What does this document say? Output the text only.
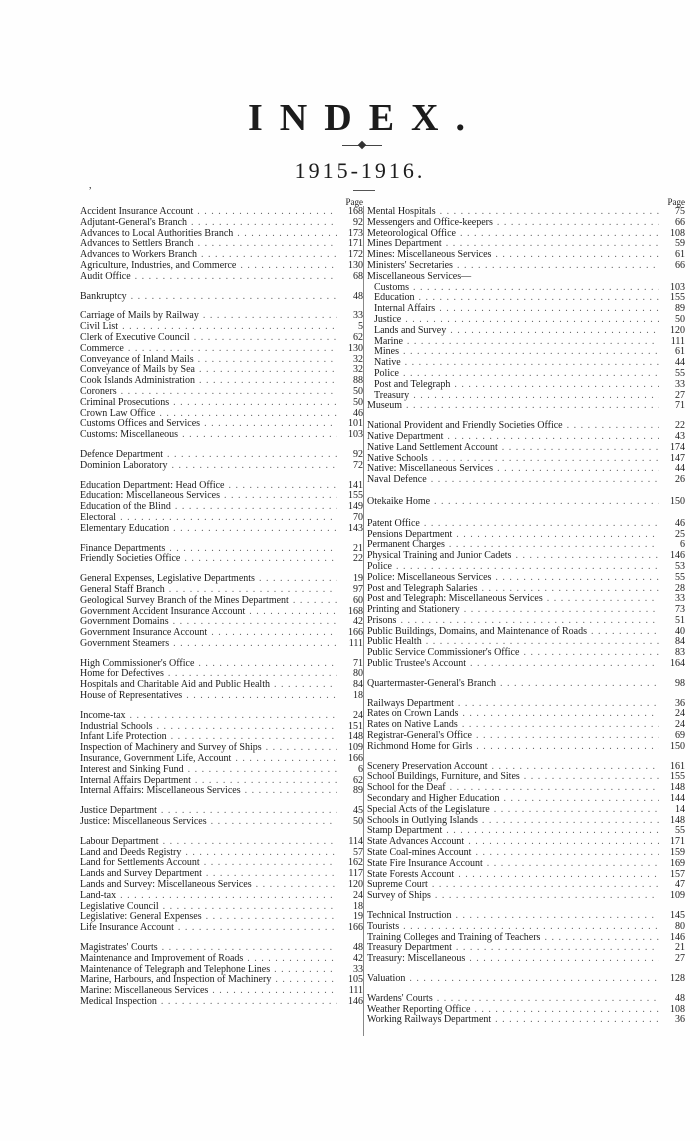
INDEX.
1915-1916.
,
Page
Accident Insurance Account . . .	168
Adjutant-General's Branch . . .	92
Advances to Local Authorities Branch . . .	173
Advances to Settlers Branch . . .	171
Advances to Workers Branch . . .	172
Agriculture, Industries, and Commerce . . .	130
Audit Office . . .	68
Bankruptcy . . .	48
Carriage of Mails by Railway . . .	33
Civil List . . .	5
Clerk of Executive Council . . .	62
Commerce . . .	130
Conveyance of Inland Mails . . .	32
Conveyance of Mails by Sea . . .	32
Cook Islands Administration . . .	88
Coroners . . .	50
Criminal Prosecutions . . .	50
Crown Law Office . . .	46
Customs Offices and Services . . .	101
Customs: Miscellaneous . . .	103
Defence Department . . .	92
Dominion Laboratory . . .	72
Education Department: Head Office . . .	141
Education: Miscellaneous Services . . .	155
Education of the Blind . . .	149
Electoral . . .	70
Elementary Education . . .	143
Finance Departments . . .	21
Friendly Societies Office . . .	22
General Expenses, Legislative Departments . . .	19
General Staff Branch . . .	97
Geological Survey Branch of the Mines Department . . .	60
Government Accident Insurance Account . . .	168
Government Domains . . .	42
Government Insurance Account . . .	166
Government Steamers . . .	111
High Commissioner's Office . . .	71
Home for Defectives . . .	80
Hospitals and Charitable Aid and Public Health . . .	84
House of Representatives . . .	18
Income-tax . . .	24
Industrial Schools . . .	151
Infant Life Protection . . .	148
Inspection of Machinery and Survey of Ships . . .	109
Insurance, Government Life, Account . . .	166
Interest and Sinking Fund . . .	6
Internal Affairs Department . . .	62
Internal Affairs: Miscellaneous Services . . .	89
Justice Department . . .	45
Justice: Miscellaneous Services . . .	50
Labour Department . . .	114
Land and Deeds Registry . . .	57
Land for Settlements Account . . .	162
Lands and Survey Department . . .	117
Lands and Survey: Miscellaneous Services . . .	120
Land-tax . . .	24
Legislative Council . . .	18
Legislative: General Expenses . . .	19
Life Insurance Account . . .	166
Magistrates' Courts . . .	48
Maintenance and Improvement of Roads . . .	42
Maintenance of Telegraph and Telephone Lines . . .	33
Marine, Harbours, and Inspection of Machinery . . .	105
Marine: Miscellaneous Services . . .	111
Medical Inspection . . .	146
Page
Mental Hospitals . . .	75
Messengers and Office-keepers . . .	66
Meteorological Office . . .	108
Mines Department . . .	59
Mines: Miscellaneous Services . . .	61
Ministers' Secretaries . . .	66
Miscellaneous Services—
Customs . . .	103
Education . . .	155
Internal Affairs . . .	89
Justice . . .	50
Lands and Survey . . .	120
Marine . . .	111
Mines . . .	61
Native . . .	44
Police . . .	55
Post and Telegraph . . .	33
Treasury . . .	27
Museum . . .	71
National Provident and Friendly Societies Office . . .	22
Native Department . . .	43
Native Land Settlement Account . . .	174
Native Schools . . .	147
Native: Miscellaneous Services . . .	44
Naval Defence . . .	26
Otekaike Home . . .	150
Patent Office . . .	46
Pensions Department . . .	25
Permanent Charges . . .	6
Physical Training and Junior Cadets . . .	146
Police . . .	53
Police: Miscellaneous Services . . .	55
Post and Telegraph Salaries . . .	28
Post and Telegraph: Miscellaneous Services . . .	33
Printing and Stationery . . .	73
Prisons . . .	51
Public Buildings, Domains, and Maintenance of Roads . . .	40
Public Health . . .	84
Public Service Commissioner's Office . . .	83
Public Trustee's Account . . .	164
Quartermaster-General's Branch . . .	98
Railways Department . . .	36
Rates on Crown Lands . . .	24
Rates on Native Lands . . .	24
Registrar-General's Office . . .	69
Richmond Home for Girls . . .	150
Scenery Preservation Account . . .	161
School Buildings, Furniture, and Sites . . .	155
School for the Deaf . . .	148
Secondary and Higher Education . . .	144
Special Acts of the Legislature . . .	14
Schools in Outlying Islands . . .	148
Stamp Department . . .	55
State Advances Account . . .	171
State Coal-mines Account . . .	159
State Fire Insurance Account . . .	169
State Forests Account . . .	157
Supreme Court . . .	47
Survey of Ships . . .	109
Technical Instruction . . .	145
Tourists . . .	80
Training Colleges and Training of Teachers . . .	146
Treasury Department . . .	21
Treasury: Miscellaneous . . .	27
Valuation . . .	128
Wardens' Courts . . .	48
Weather Reporting Office . . .	108
Working Railways Department . . .	36
